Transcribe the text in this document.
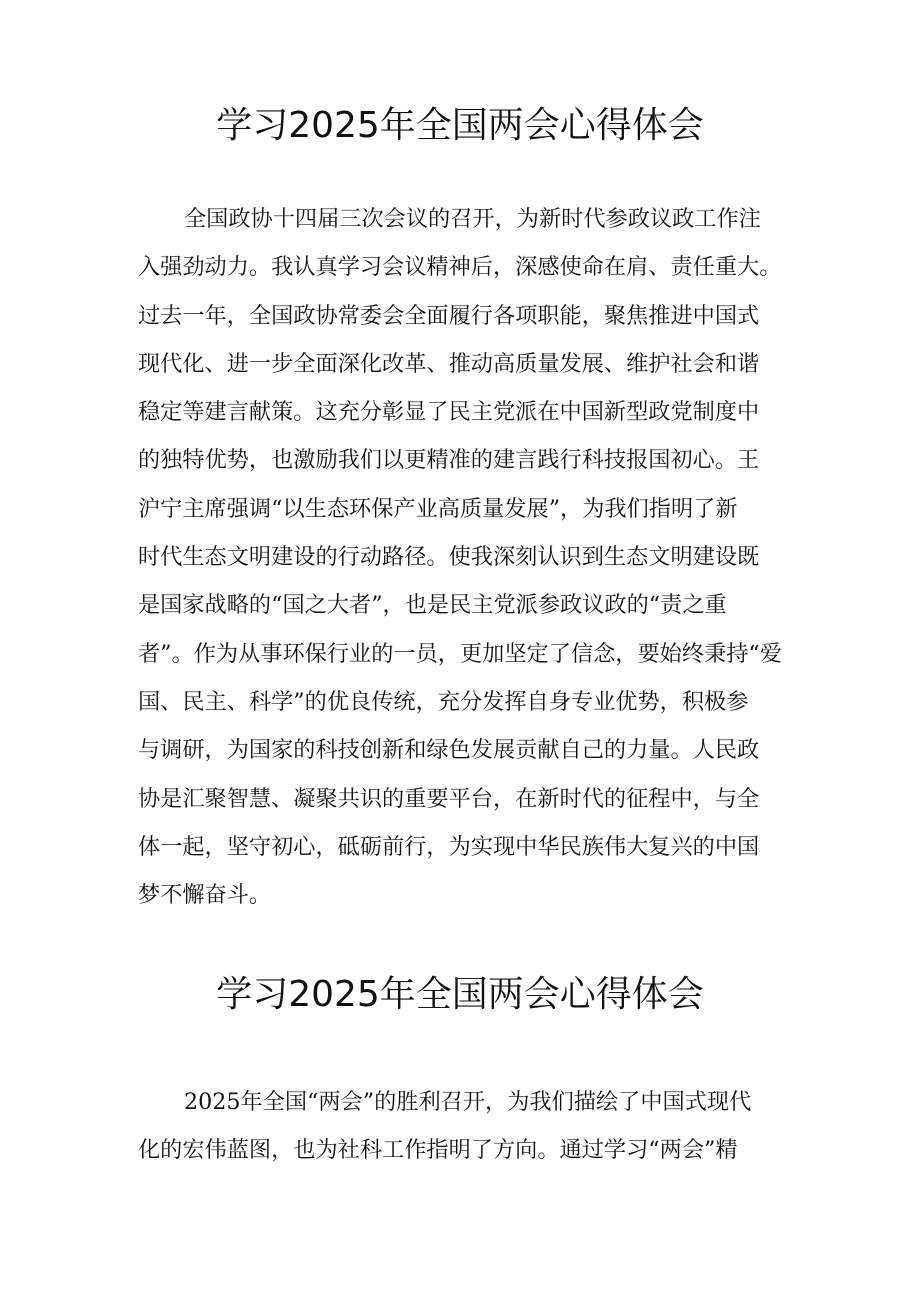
学习2025年全国两会心得体会
全国政协十四届三次会议的召开，为新时代参政议政工作注
入强劲动力。我认真学习会议精神后，深感使命在肩、责任重大。
过去一年，全国政协常委会全面履行各项职能，聚焦推进中国式
现代化、进一步全面深化改革、推动高质量发展、维护社会和谐
稳定等建言献策。这充分彰显了民主党派在中国新型政党制度中
的独特优势，也激励我们以更精准的建言践行科技报国初心。王
沪宁主席强调“以生态环保产业高质量发展”，为我们指明了新
时代生态文明建设的行动路径。使我深刻认识到生态文明建设既
是国家战略的“国之大者”，也是民主党派参政议政的“责之重
者”。作为从事环保行业的一员，更加坚定了信念，要始终秉持“爱
国、民主、科学”的优良传统，充分发挥自身专业优势，积极参
与调研，为国家的科技创新和绿色发展贡献自己的力量。人民政
协是汇聚智慧、凝聚共识的重要平台，在新时代的征程中，与全
体一起，坚守初心，砥砺前行，为实现中华民族伟大复兴的中国
梦不懈奋斗。
学习2025年全国两会心得体会
2025年全国“两会”的胜利召开，为我们描绘了中国式现代
化的宏伟蓝图，也为社科工作指明了方向。通过学习“两会”精
